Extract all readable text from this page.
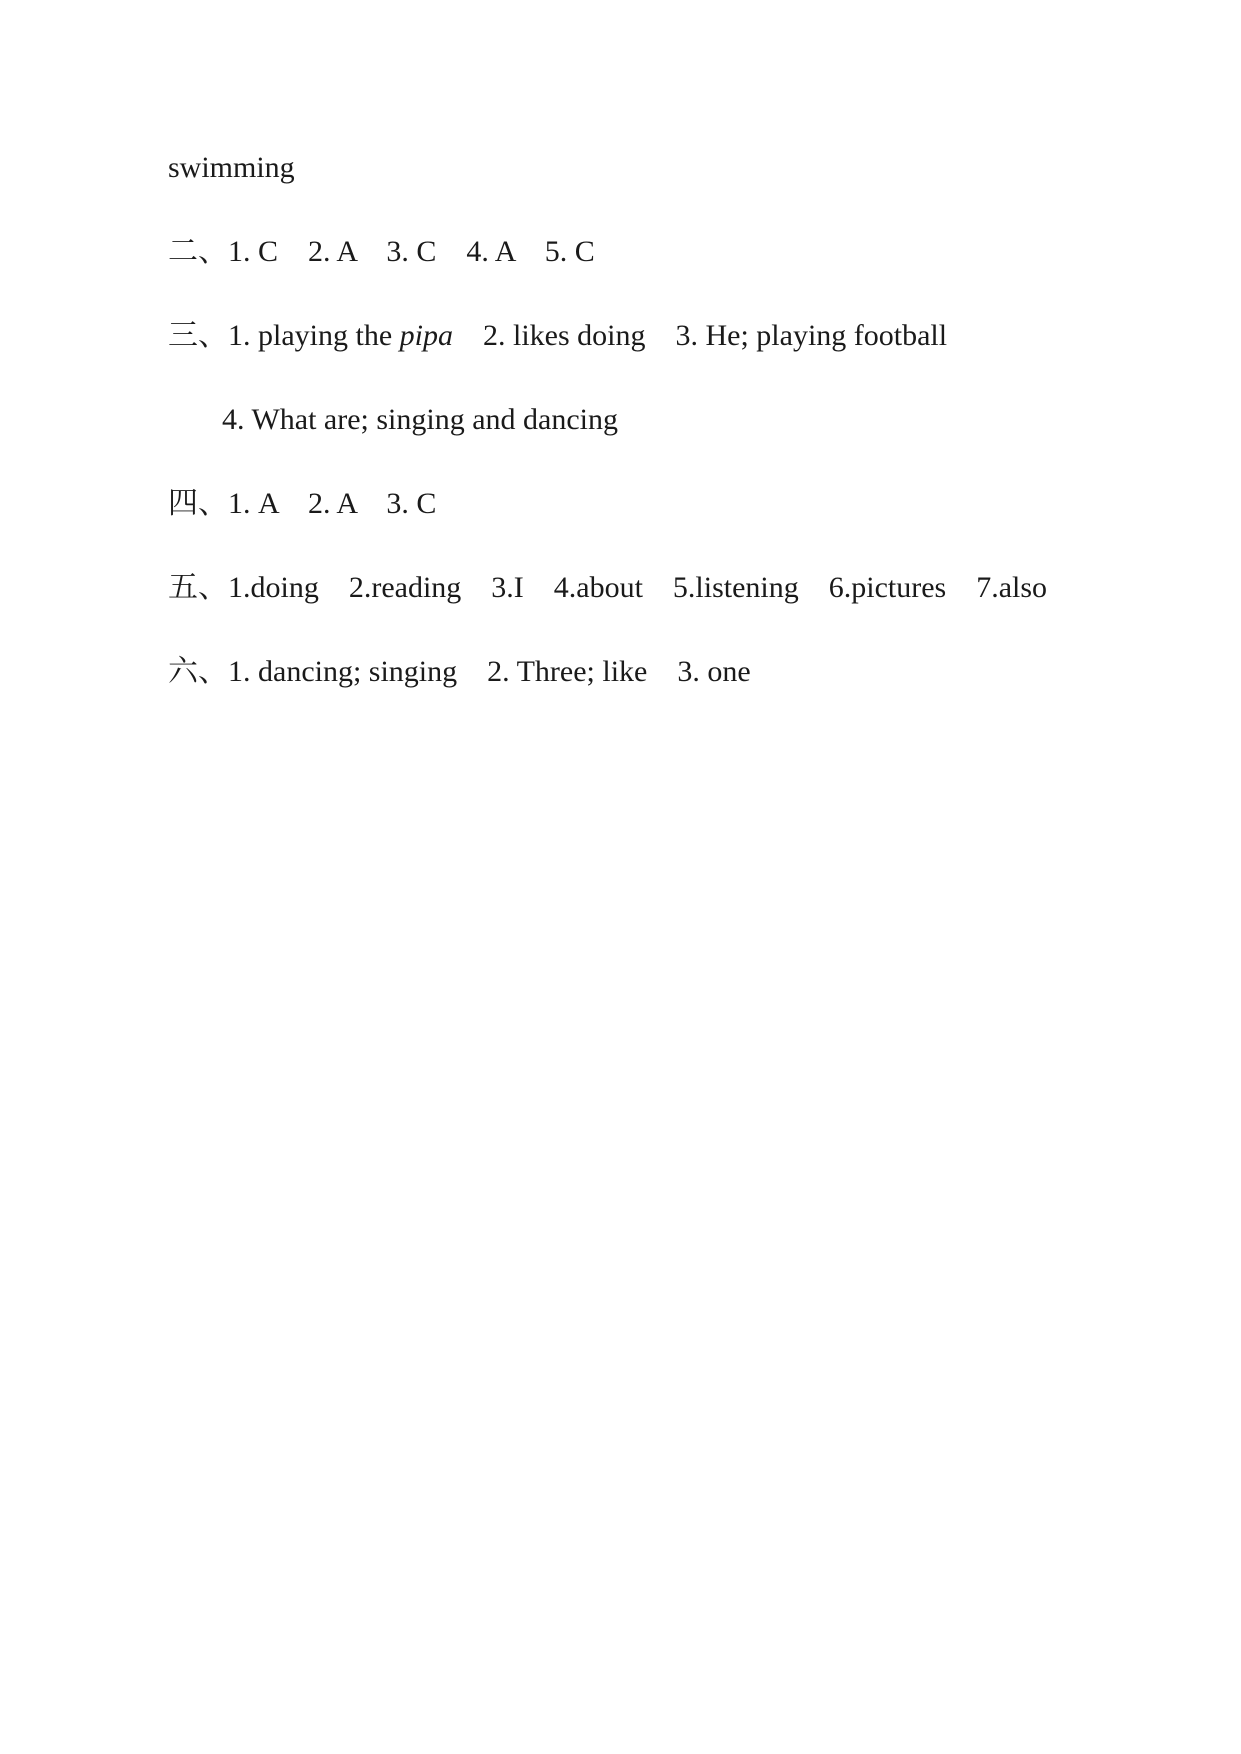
swimming

二、1. C    2. A    3. C    4. A    5. C

三、1. playing the pipa    2. likes doing    3. He; playing football

4. What are; singing and dancing

四、1. A    2. A    3. C

五、1.doing    2.reading    3.I    4.about    5.listening    6.pictures    7.also

六、1. dancing; singing    2. Three; like    3. one
